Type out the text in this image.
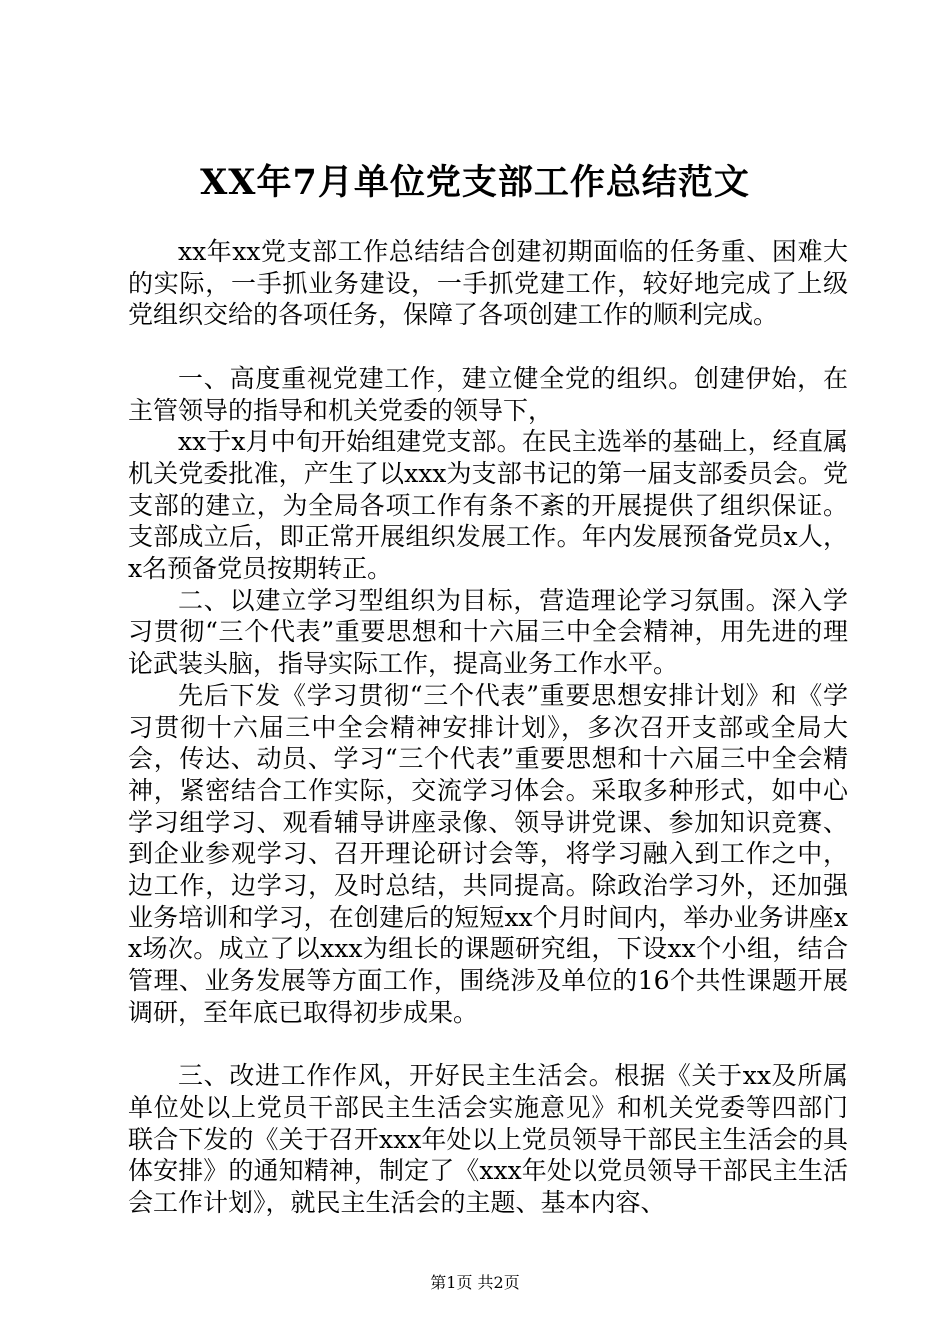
XX年7月单位党支部工作总结范文

xx年xx党支部工作总结结合创建初期面临的任务重、困难大的实际，一手抓业务建设，一手抓党建工作，较好地完成了上级党组织交给的各项任务，保障了各项创建工作的顺利完成。

一、高度重视党建工作，建立健全党的组织。创建伊始，在主管领导的指导和机关党委的领导下，

xx于x月中旬开始组建党支部。在民主选举的基础上，经直属机关党委批准，产生了以xxx为支部书记的第一届支部委员会。党支部的建立，为全局各项工作有条不紊的开展提供了组织保证。支部成立后，即正常开展组织发展工作。年内发展预备党员x人，x名预备党员按期转正。

二、以建立学习型组织为目标，营造理论学习氛围。深入学习贯彻“三个代表”重要思想和十六届三中全会精神，用先进的理论武装头脑，指导实际工作，提高业务工作水平。

先后下发《学习贯彻“三个代表”重要思想安排计划》和《学习贯彻十六届三中全会精神安排计划》，多次召开支部或全局大会，传达、动员、学习“三个代表”重要思想和十六届三中全会精神，紧密结合工作实际，交流学习体会。采取多种形式，如中心学习组学习、观看辅导讲座录像、领导讲党课、参加知识竞赛、到企业参观学习、召开理论研讨会等，将学习融入到工作之中，边工作，边学习，及时总结，共同提高。除政治学习外，还加强业务培训和学习，在创建后的短短xx个月时间内，举办业务讲座xx场次。成立了以xxx为组长的课题研究组，下设xx个小组，结合管理、业务发展等方面工作，围绕涉及单位的16个共性课题开展调研，至年底已取得初步成果。

三、改进工作作风，开好民主生活会。根据《关于xx及所属单位处以上党员干部民主生活会实施意见》和机关党委等四部门联合下发的《关于召开xxx年处以上党员领导干部民主生活会的具体安排》的通知精神，制定了《xxx年处以党员领导干部民主生活会工作计划》，就民主生活会的主题、基本内容、

第1页 共2页
